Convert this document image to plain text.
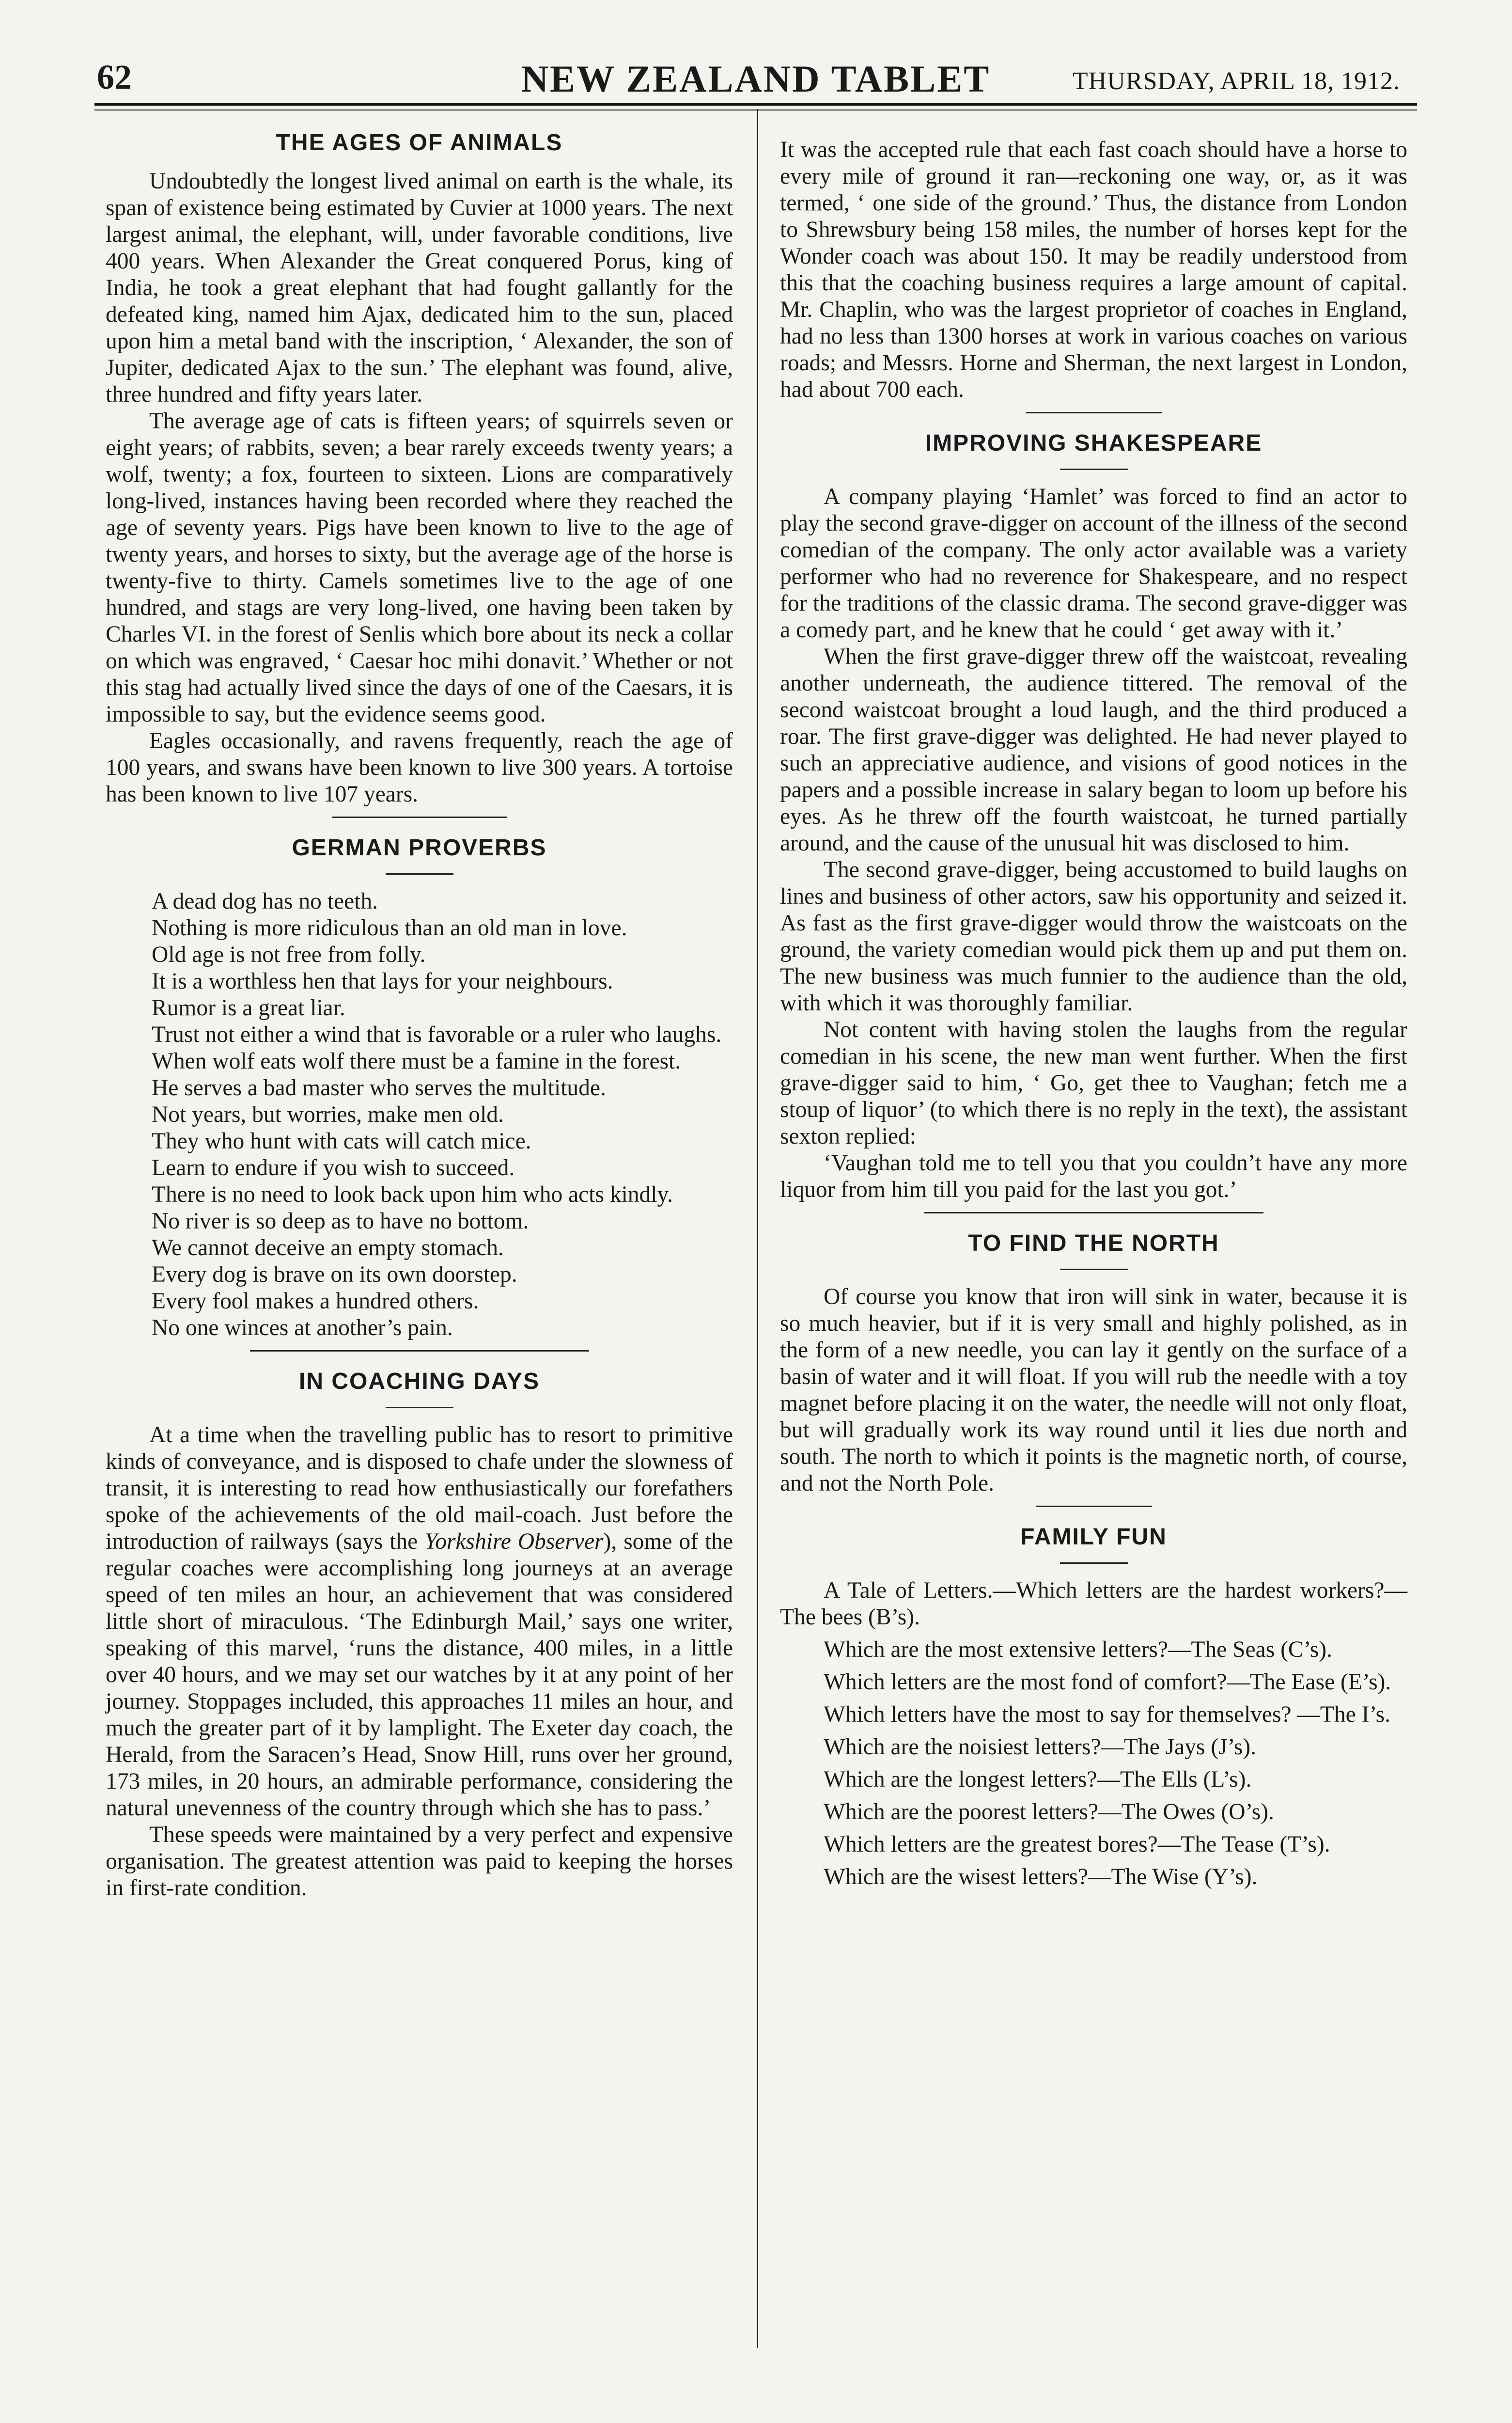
62	NEW ZEALAND TABLET	THURSDAY, APRIL 18, 1912.
THE AGES OF ANIMALS

Undoubtedly the longest lived animal on earth is the whale, its span of existence being estimated by Cuvier at 1000 years. The next largest animal, the elephant, will, under favorable conditions, live 400 years. When Alexander the Great conquered Porus, king of India, he took a great elephant that had fought gallantly for the defeated king, named him Ajax, dedicated him to the sun, placed upon him a metal band with the inscription, ‘ Alexander, the son of Jupiter, dedicated Ajax to the sun.’ The elephant was found, alive, three hundred and fifty years later.

The average age of cats is fifteen years; of squirrels seven or eight years; of rabbits, seven; a bear rarely exceeds twenty years; a wolf, twenty; a fox, fourteen to sixteen. Lions are comparatively long-lived, instances having been recorded where they reached the age of seventy years. Pigs have been known to live to the age of twenty years, and horses to sixty, but the average age of the horse is twenty-five to thirty. Camels sometimes live to the age of one hundred, and stags are very long-lived, one having been taken by Charles VI. in the forest of Senlis which bore about its neck a collar on which was engraved, ‘ Caesar hoc mihi donavit.’ Whether or not this stag had actually lived since the days of one of the Caesars, it is impossible to say, but the evidence seems good.

Eagles occasionally, and ravens frequently, reach the age of 100 years, and swans have been known to live 300 years. A tortoise has been known to live 107 years.

GERMAN PROVERBS

A dead dog has no teeth.

Nothing is more ridiculous than an old man in love.

Old age is not free from folly.

It is a worthless hen that lays for your neighbours.

Rumor is a great liar.

Trust not either a wind that is favorable or a ruler who laughs.

When wolf eats wolf there must be a famine in the forest.

He serves a bad master who serves the multitude.

Not years, but worries, make men old.

They who hunt with cats will catch mice.

Learn to endure if you wish to succeed.

There is no need to look back upon him who acts kindly.

No river is so deep as to have no bottom.

We cannot deceive an empty stomach.

Every dog is brave on its own doorstep.

Every fool makes a hundred others.

No one winces at another’s pain.

IN COACHING DAYS

At a time when the travelling public has to resort to primitive kinds of conveyance, and is disposed to chafe under the slowness of transit, it is interesting to read how enthusiastically our forefathers spoke of the achievements of the old mail-coach. Just before the introduction of railways (says the Yorkshire Observer), some of the regular coaches were accomplishing long journeys at an average speed of ten miles an hour, an achievement that was considered little short of miraculous. ‘The Edinburgh Mail,’ says one writer, speaking of this marvel, ‘runs the distance, 400 miles, in a little over 40 hours, and we may set our watches by it at any point of her journey. Stoppages included, this approaches 11 miles an hour, and much the greater part of it by lamplight. The Exeter day coach, the Herald, from the Saracen’s Head, Snow Hill, runs over her ground, 173 miles, in 20 hours, an admirable performance, considering the natural unevenness of the country through which she has to pass.’

These speeds were maintained by a very perfect and expensive organisation. The greatest attention was paid to keeping the horses in first-rate condition.

It was the accepted rule that each fast coach should have a horse to every mile of ground it ran—reckoning one way, or, as it was termed, ‘ one side of the ground.’ Thus, the distance from London to Shrewsbury being 158 miles, the number of horses kept for the Wonder coach was about 150. It may be readily understood from this that the coaching business requires a large amount of capital. Mr. Chaplin, who was the largest proprietor of coaches in England, had no less than 1300 horses at work in various coaches on various roads; and Messrs. Horne and Sherman, the next largest in London, had about 700 each.

IMPROVING SHAKESPEARE

A company playing ‘Hamlet’ was forced to find an actor to play the second grave-digger on account of the illness of the second comedian of the company. The only actor available was a variety performer who had no reverence for Shakespeare, and no respect for the traditions of the classic drama. The second grave-digger was a comedy part, and he knew that he could ‘ get away with it.’

When the first grave-digger threw off the waistcoat, revealing another underneath, the audience tittered. The removal of the second waistcoat brought a loud laugh, and the third produced a roar. The first grave-digger was delighted. He had never played to such an appreciative audience, and visions of good notices in the papers and a possible increase in salary began to loom up before his eyes. As he threw off the fourth waistcoat, he turned partially around, and the cause of the unusual hit was disclosed to him.

The second grave-digger, being accustomed to build laughs on lines and business of other actors, saw his opportunity and seized it. As fast as the first grave-digger would throw the waistcoats on the ground, the variety comedian would pick them up and put them on. The new business was much funnier to the audience than the old, with which it was thoroughly familiar.

Not content with having stolen the laughs from the regular comedian in his scene, the new man went further. When the first grave-digger said to him, ‘ Go, get thee to Vaughan; fetch me a stoup of liquor’ (to which there is no reply in the text), the assistant sexton replied:

‘Vaughan told me to tell you that you couldn’t have any more liquor from him till you paid for the last you got.’

TO FIND THE NORTH

Of course you know that iron will sink in water, because it is so much heavier, but if it is very small and highly polished, as in the form of a new needle, you can lay it gently on the surface of a basin of water and it will float. If you will rub the needle with a toy magnet before placing it on the water, the needle will not only float, but will gradually work its way round until it lies due north and south. The north to which it points is the magnetic north, of course, and not the North Pole.

FAMILY FUN

A Tale of Letters.—Which letters are the hardest workers?—The bees (B’s).

Which are the most extensive letters?—The Seas (C’s).

Which letters are the most fond of comfort?—The Ease (E’s).

Which letters have the most to say for themselves? —The I’s.

Which are the noisiest letters?—The Jays (J’s).

Which are the longest letters?—The Ells (L’s).

Which are the poorest letters?—The Owes (O’s).

Which letters are the greatest bores?—The Tease (T’s).

Which are the wisest letters?—The Wise (Y’s).
